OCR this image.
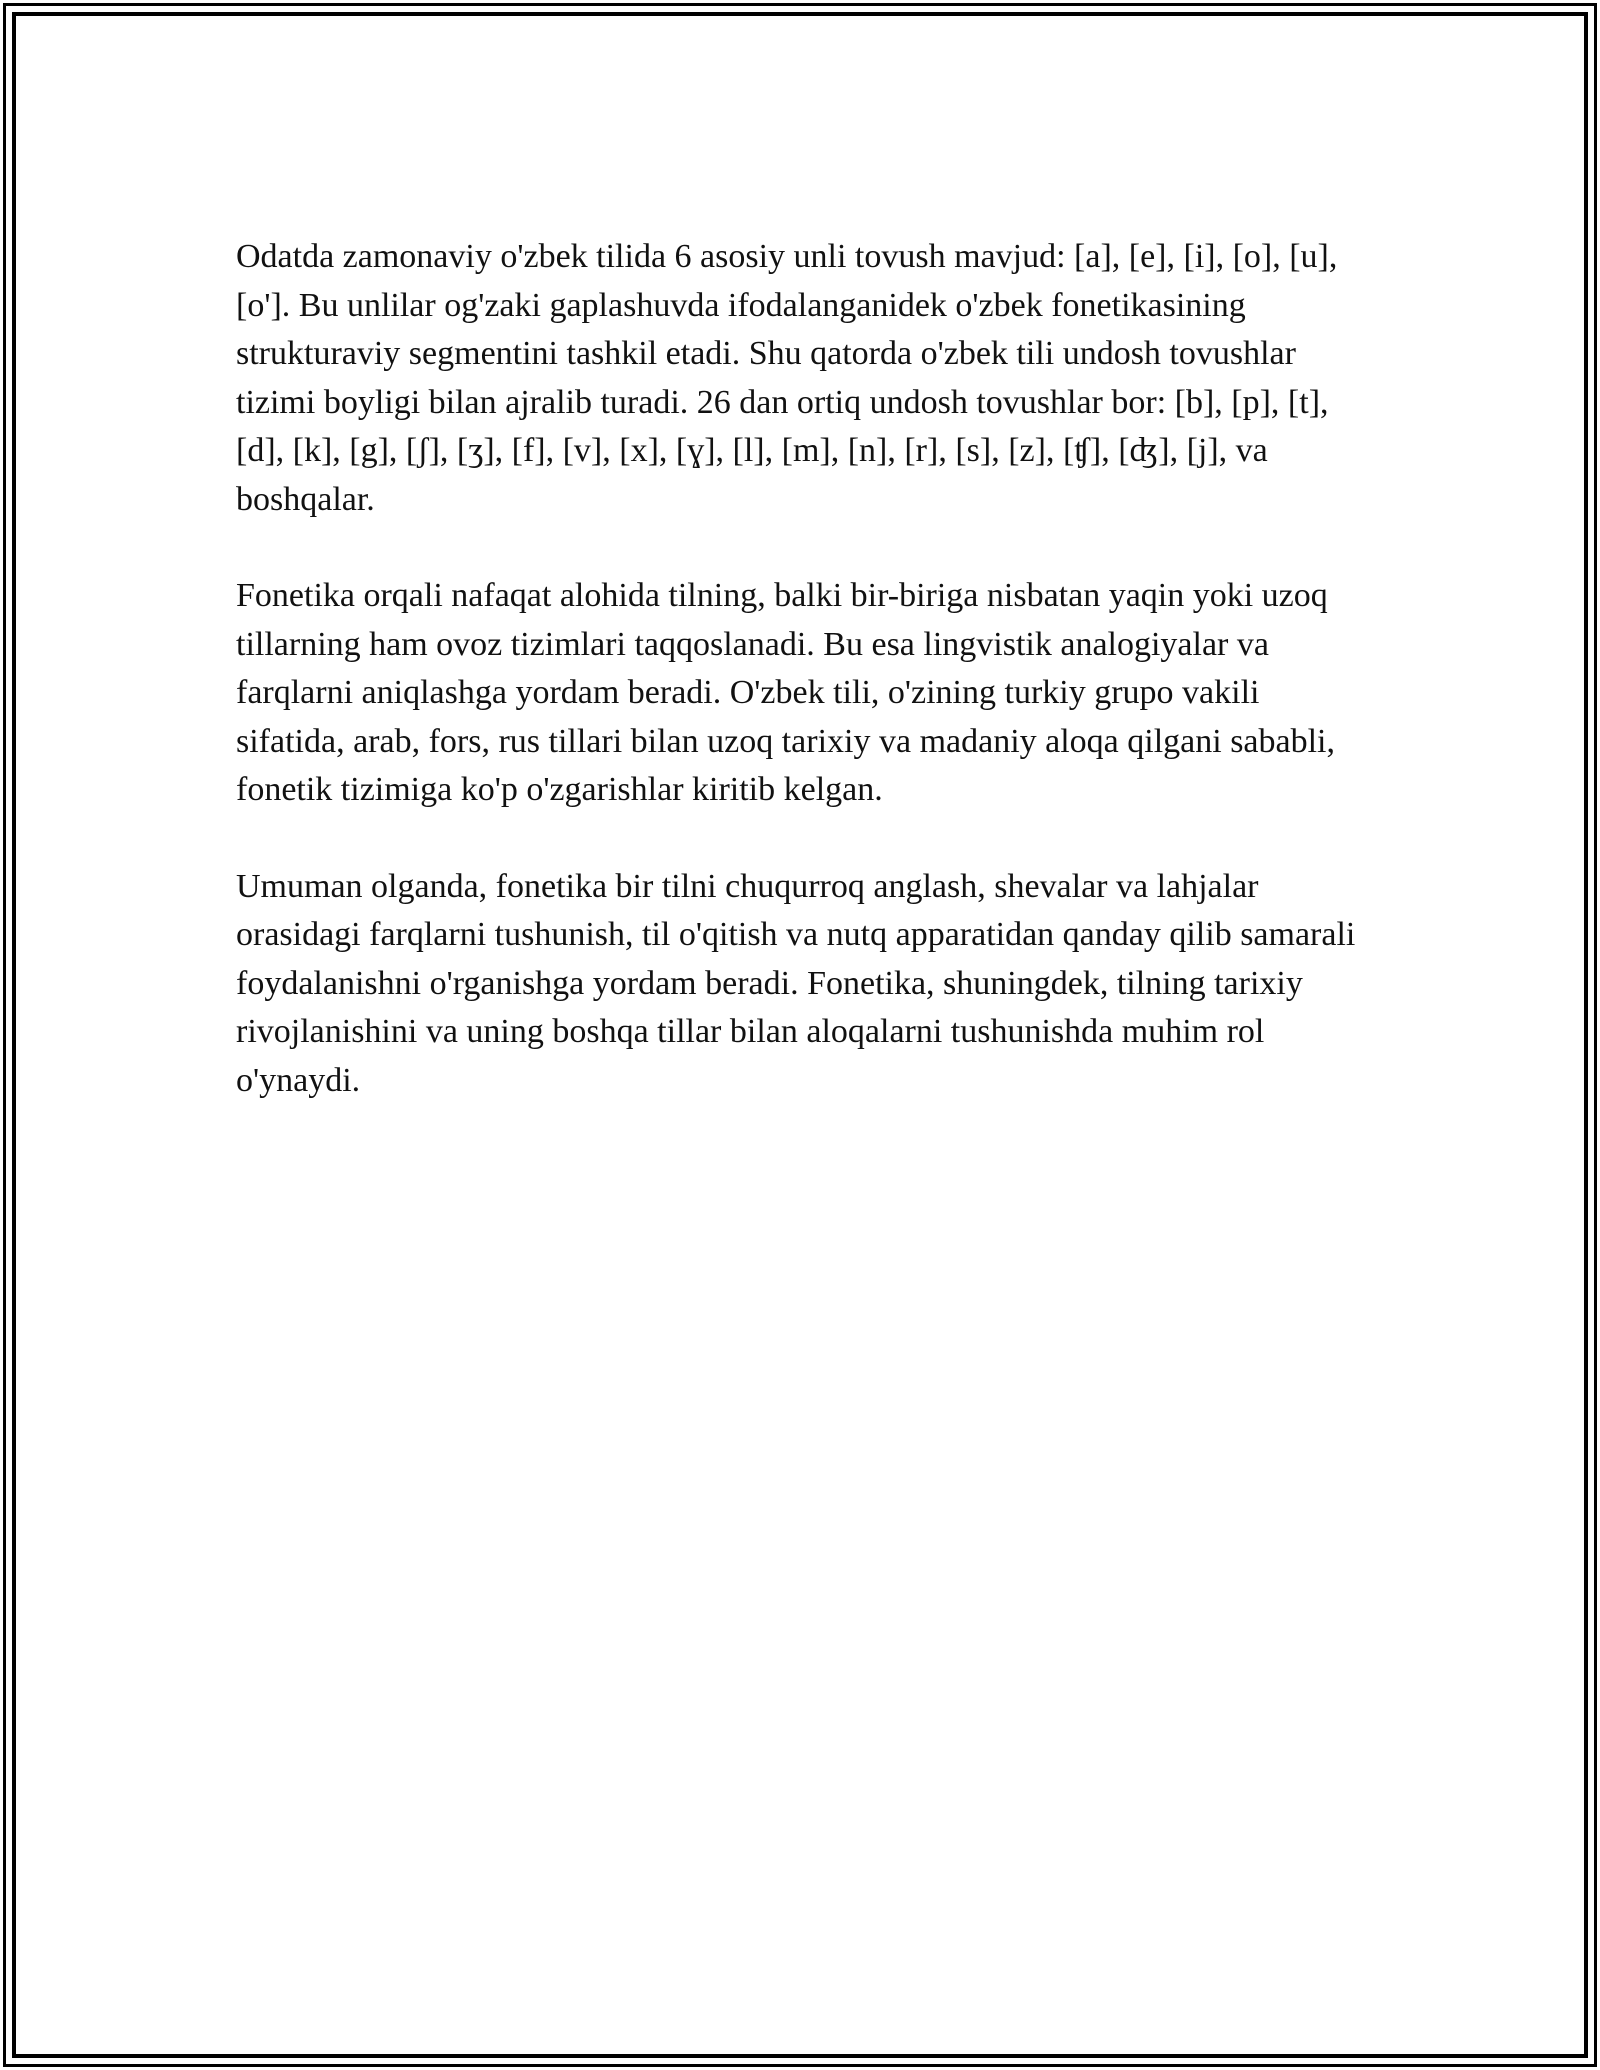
Odatda zamonaviy o'zbek tilida 6 asosiy unli tovush mavjud: [a], [e], [i], [o], [u], [o']. Bu unlilar og'zaki gaplashuvda ifodalanganidek o'zbek fonetikasining strukturaviy segmentini tashkil etadi. Shu qatorda o'zbek tili undosh tovushlar tizimi boyligi bilan ajralib turadi. 26 dan ortiq undosh tovushlar bor: [b], [p], [t], [d], [k], [g], [ʃ], [ʒ], [f], [v], [x], [ɣ], [l], [m], [n], [r], [s], [z], [ʧ], [ʤ], [j], va boshqalar.

Fonetika orqali nafaqat alohida tilning, balki bir-biriga nisbatan yaqin yoki uzoq tillarning ham ovoz tizimlari taqqoslanadi. Bu esa lingvistik analogiyalar va farqlarni aniqlashga yordam beradi. O'zbek tili, o'zining turkiy grupo vakili sifatida, arab, fors, rus tillari bilan uzoq tarixiy va madaniy aloqa qilgani sababli, fonetik tizimiga ko'p o'zgarishlar kiritib kelgan.

Umuman olganda, fonetika bir tilni chuqurroq anglash, shevalar va lahjalar orasidagi farqlarni tushunish, til o'qitish va nutq apparatidan qanday qilib samarali foydalanishni o'rganishga yordam beradi. Fonetika, shuningdek, tilning tarixiy rivojlanishini va uning boshqa tillar bilan aloqalarni tushunishda muhim rol o'ynaydi.
